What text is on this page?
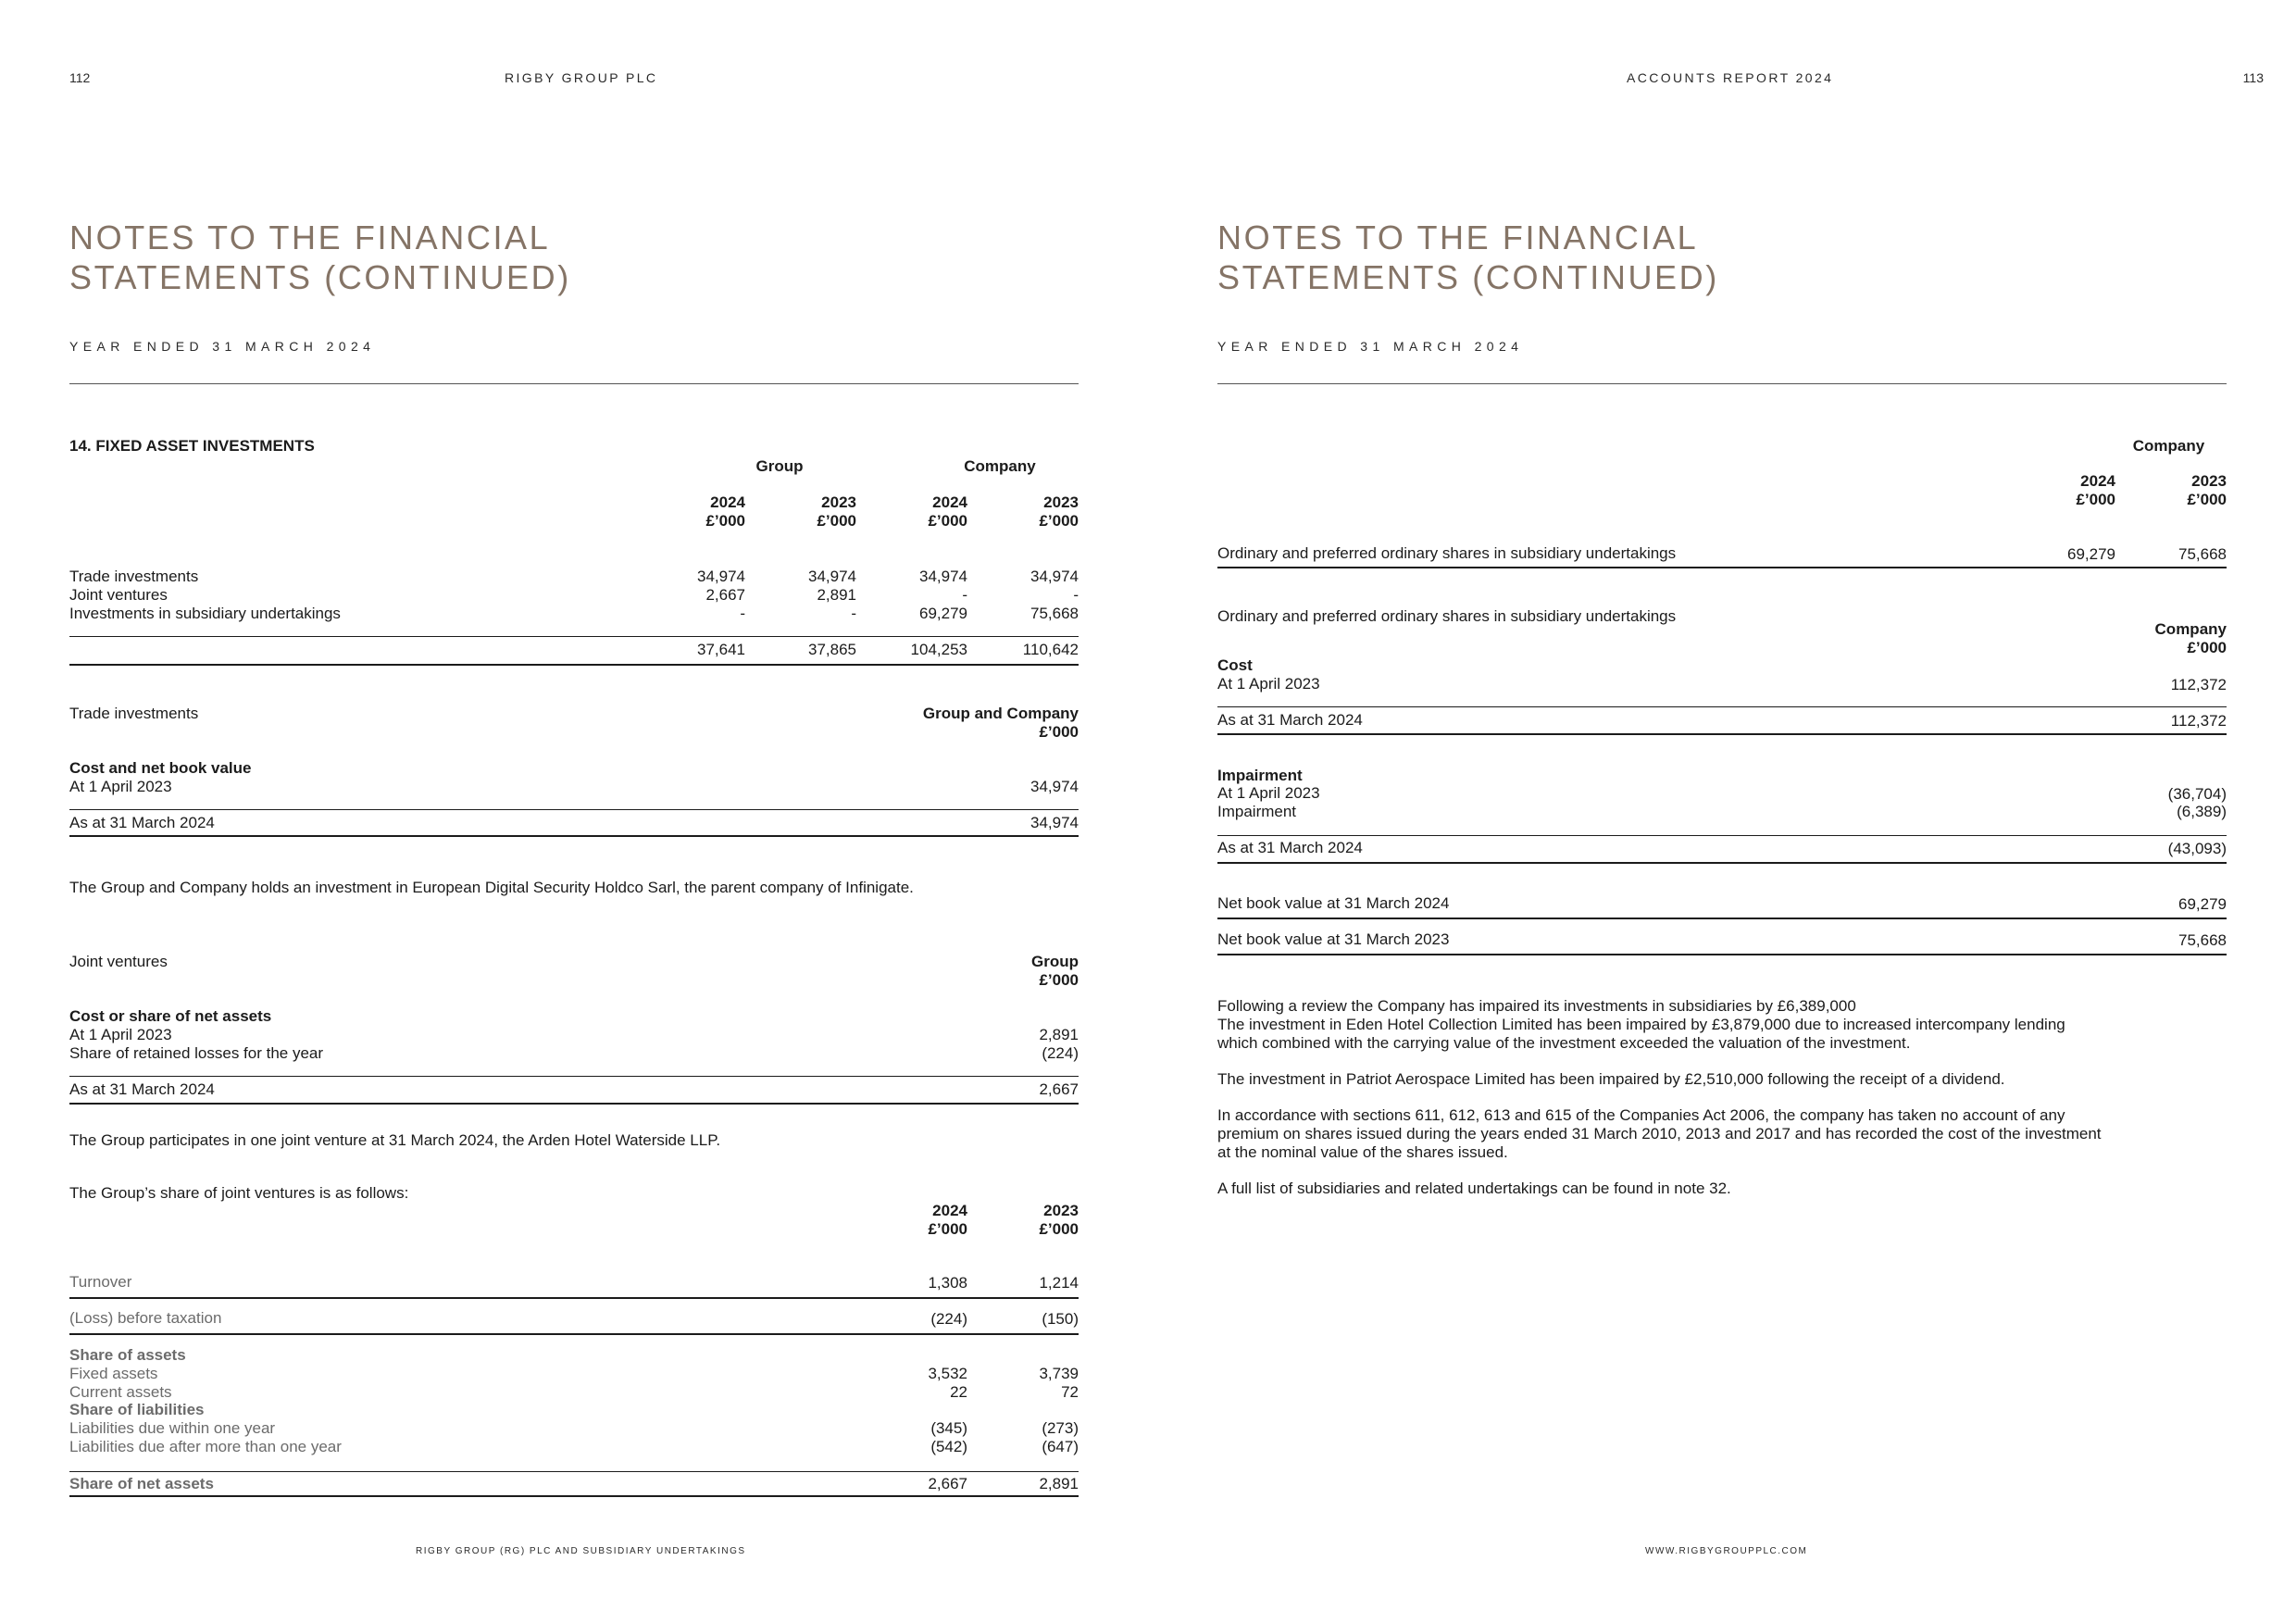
112	RIGBY GROUP PLC
NOTES TO THE FINANCIAL
STATEMENTS (CONTINUED)
YEAR ENDED 31 MARCH 2024
14. FIXED ASSET INVESTMENTS
Group	Company
2024	2023	2024	2023
£’000	£’000	£’000	£’000
Trade investments	34,974	34,974	34,974	34,974
Joint ventures	2,667	2,891	-	-
Investments in subsidiary undertakings	-	-	69,279	75,668
37,641	37,865	104,253	110,642
Trade investments	Group and Company
£’000
Cost and net book value
At 1 April 2023	34,974
As at 31 March 2024	34,974
The Group and Company holds an investment in European Digital Security Holdco Sarl, the parent company of Infinigate.
Joint ventures	Group
£’000
Cost or share of net assets
At 1 April 2023	2,891
Share of retained losses for the year	(224)
As at 31 March 2024	2,667
The Group participates in one joint venture at 31 March 2024, the Arden Hotel Waterside LLP.
The Group’s share of joint ventures is as follows:
2024	2023
£’000	£’000
Turnover	1,308	1,214
(Loss) before taxation	(224)	(150)
Share of assets
Fixed assets	3,532	3,739
Current assets	22	72
Share of liabilities
Liabilities due within one year	(345)	(273)
Liabilities due after more than one year	(542)	(647)
Share of net assets	2,667	2,891
RIGBY GROUP (RG) PLC AND SUBSIDIARY UNDERTAKINGS
ACCOUNTS REPORT 2024	113
NOTES TO THE FINANCIAL
STATEMENTS (CONTINUED)
YEAR ENDED 31 MARCH 2024
Company
2024	2023
£’000	£’000
Ordinary and preferred ordinary shares in subsidiary undertakings	69,279	75,668
Ordinary and preferred ordinary shares in subsidiary undertakings
Company
£’000
Cost
At 1 April 2023	112,372
As at 31 March 2024	112,372
Impairment
At 1 April 2023	(36,704)
Impairment	(6,389)
As at 31 March 2024	(43,093)
Net book value at 31 March 2024	69,279
Net book value at 31 March 2023	75,668
Following a review the Company has impaired its investments in subsidiaries by £6,389,000
The investment in Eden Hotel Collection Limited has been impaired by £3,879,000 due to increased intercompany lending
which combined with the carrying value of the investment exceeded the valuation of the investment.
The investment in Patriot Aerospace Limited has been impaired by £2,510,000 following the receipt of a dividend.
In accordance with sections 611, 612, 613 and 615 of the Companies Act 2006, the company has taken no account of any
premium on shares issued during the years ended 31 March 2010, 2013 and 2017 and has recorded the cost of the investment
at the nominal value of the shares issued.
A full list of subsidiaries and related undertakings can be found in note 32.
WWW.RIGBYGROUPPLC.COM
